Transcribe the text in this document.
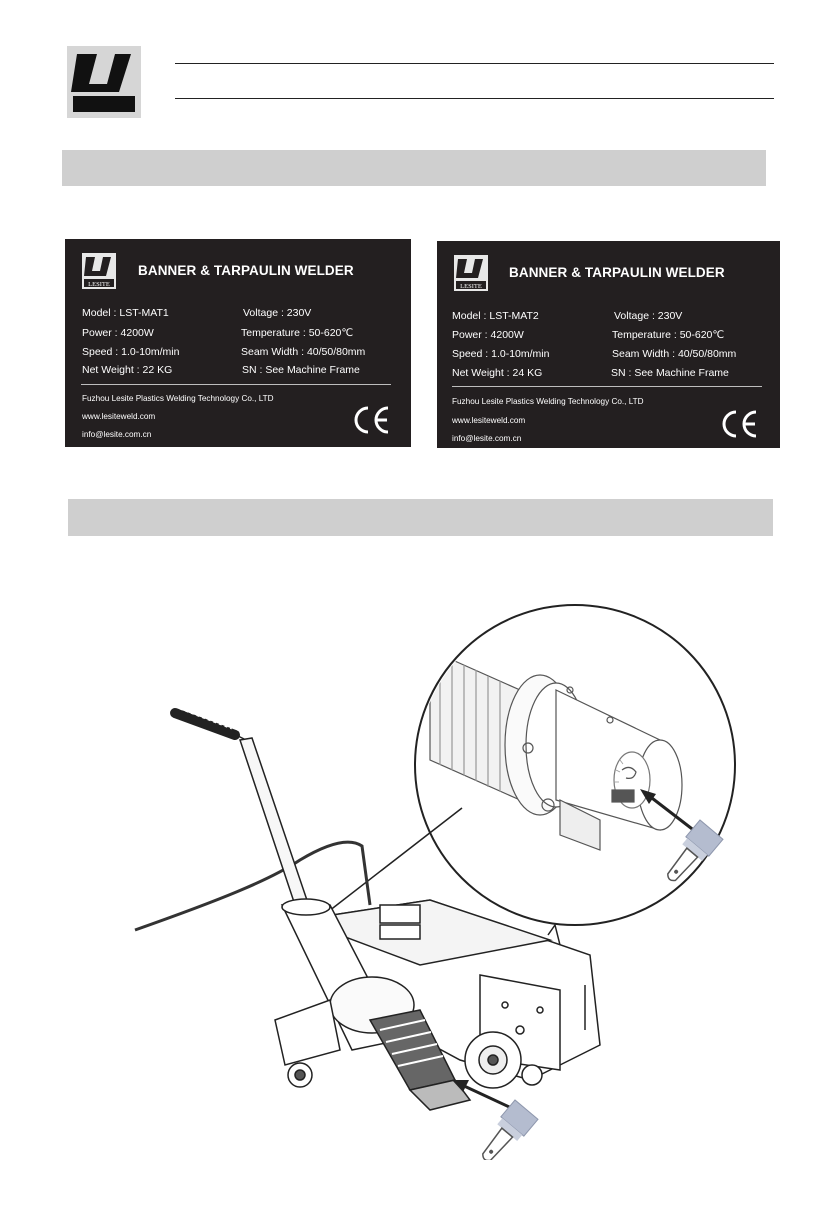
LESITE
BANNER & TARPAULIN WELDER
Model : LST-MAT1	Voltage : 230V
Power : 4200W	Temperature : 50-620℃
Speed : 1.0-10m/min	Seam Width : 40/50/80mm
Net Weight : 22 KG	SN : See Machine Frame
Fuzhou Lesite Plastics Welding Technology Co., LTD
www.lesiteweld.com
info@lesite.com.cn
LESITE
BANNER & TARPAULIN WELDER
Model : LST-MAT2	Voltage : 230V
Power : 4200W	Temperature : 50-620℃
Speed : 1.0-10m/min	Seam Width : 40/50/80mm
Net Weight : 24 KG	SN : See Machine Frame
Fuzhou Lesite Plastics Welding Technology Co., LTD
www.lesiteweld.com
info@lesite.com.cn
